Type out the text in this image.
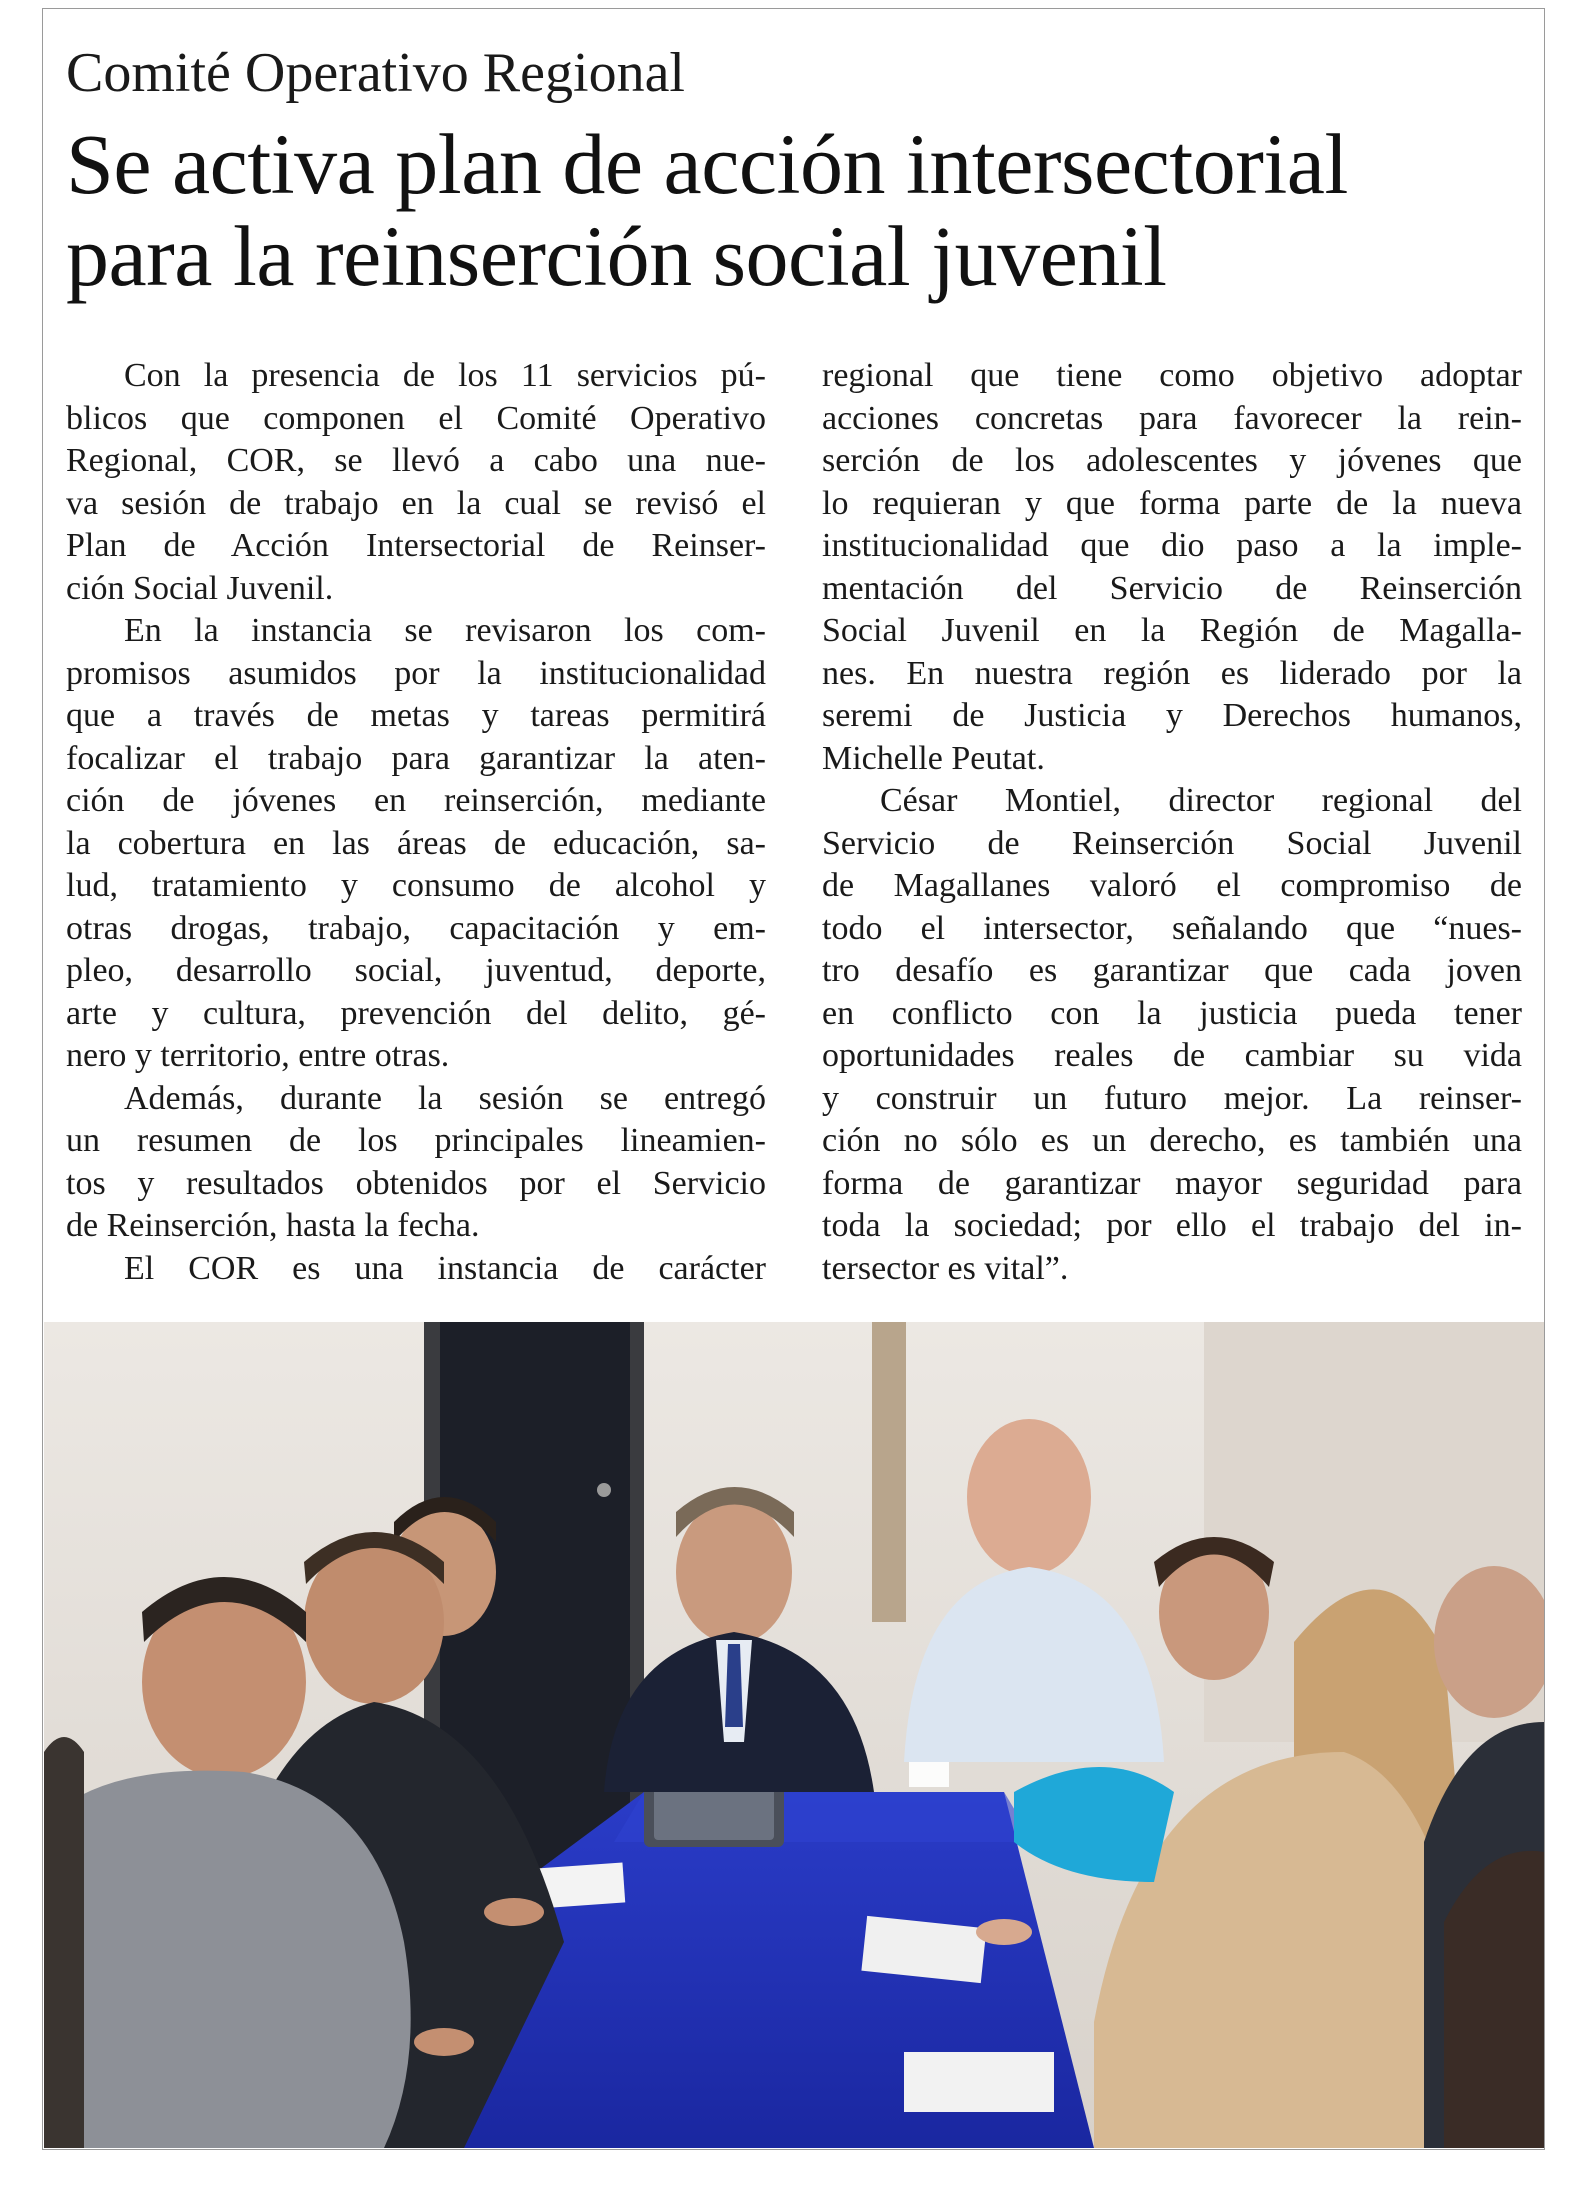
Comité Operativo Regional
Se activa plan de acción intersectorial
para la reinserción social juvenil
Con la presencia de los 11 servicios pú-
blicos que componen el Comité Operativo
Regional, COR, se llevó a cabo una nue-
va sesión de trabajo en la cual se revisó el
Plan de Acción Intersectorial de Reinser-
ción Social Juvenil.
En la instancia se revisaron los com-
promisos asumidos por la institucionalidad
que a través de metas y tareas permitirá
focalizar el trabajo para garantizar la aten-
ción de jóvenes en reinserción, mediante
la cobertura en las áreas de educación, sa-
lud, tratamiento y consumo de alcohol y
otras drogas, trabajo, capacitación y em-
pleo, desarrollo social, juventud, deporte,
arte y cultura, prevención del delito, gé-
nero y territorio, entre otras.
Además, durante la sesión se entregó
un resumen de los principales lineamien-
tos y resultados obtenidos por el Servicio
de Reinserción, hasta la fecha.
El COR es una instancia de carácter
regional que tiene como objetivo adoptar
acciones concretas para favorecer la rein-
serción de los adolescentes y jóvenes que
lo requieran y que forma parte de la nueva
institucionalidad que dio paso a la imple-
mentación del Servicio de Reinserción
Social Juvenil en la Región de Magalla-
nes. En nuestra región es liderado por la
seremi de Justicia y Derechos humanos,
Michelle Peutat.
César Montiel, director regional del
Servicio de Reinserción Social Juvenil
de Magallanes valoró el compromiso de
todo el intersector, señalando que “nues-
tro desafío es garantizar que cada joven
en conflicto con la justicia pueda tener
oportunidades reales de cambiar su vida
y construir un futuro mejor. La reinser-
ción no sólo es un derecho, es también una
forma de garantizar mayor seguridad para
toda la sociedad; por ello el trabajo del in-
tersector es vital”.
